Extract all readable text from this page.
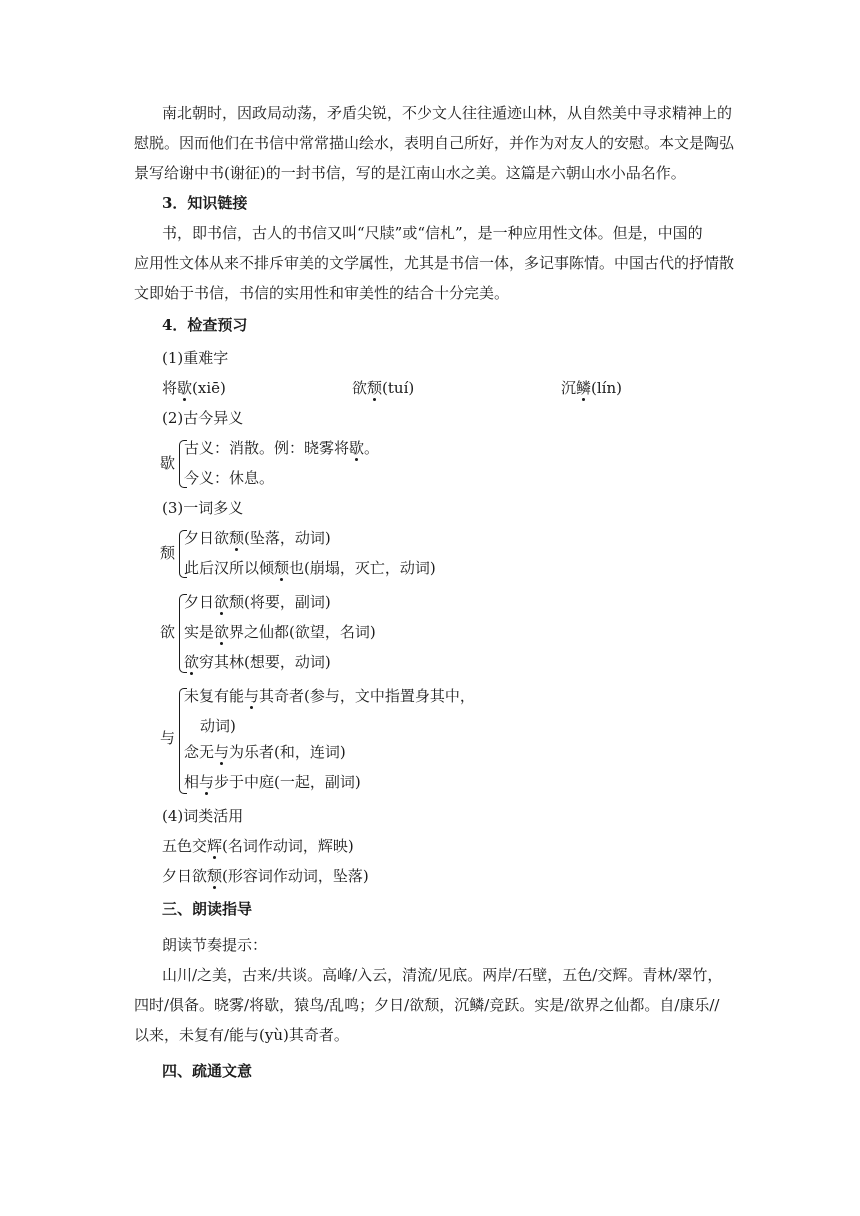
南北朝时，因政局动荡，矛盾尖锐，不少文人往往遁迹山林，从自然美中寻求精神上的
慰脱。因而他们在书信中常常描山绘水，表明自己所好，并作为对友人的安慰。本文是陶弘
景写给谢中书(谢征)的一封书信，写的是江南山水之美。这篇是六朝山水小品名作。
3．知识链接
书，即书信，古人的书信又叫“尺牍”或“信札”，是一种应用性文体。但是，中国的
应用性文体从来不排斥审美的文学属性，尤其是书信一体，多记事陈情。中国古代的抒情散
文即始于书信，书信的实用性和审美性的结合十分完美。
4．检查预习
(1)重难字
将歇(xiē)	欲颓(tuí)	沉鳞(lín)
(2)古今异义
歇
古义：消散。例：晓雾将歇。
今义：休息。
(3)一词多义
颓
夕日欲颓(坠落，动词)
此后汉所以倾颓也(崩塌，灭亡，动词)
欲
夕日欲颓(将要，副词)
实是欲界之仙都(欲望，名词)
欲穷其林(想要，动词)
与
未复有能与其奇者(参与，文中指置身其中，
动词)
念无与为乐者(和，连词)
相与步于中庭(一起，副词)
(4)词类活用
五色交辉(名词作动词，辉映)
夕日欲颓(形容词作动词，坠落)
三、朗读指导
朗读节奏提示：
山川/之美，古来/共谈。高峰/入云，清流/见底。两岸/石壁，五色/交辉。青林/翠竹，
四时/俱备。晓雾/将歇，猿鸟/乱鸣；夕日/欲颓，沉鳞/竞跃。实是/欲界之仙都。自/康乐//
以来，未复有/能与(yù)其奇者。
四、疏通文意
